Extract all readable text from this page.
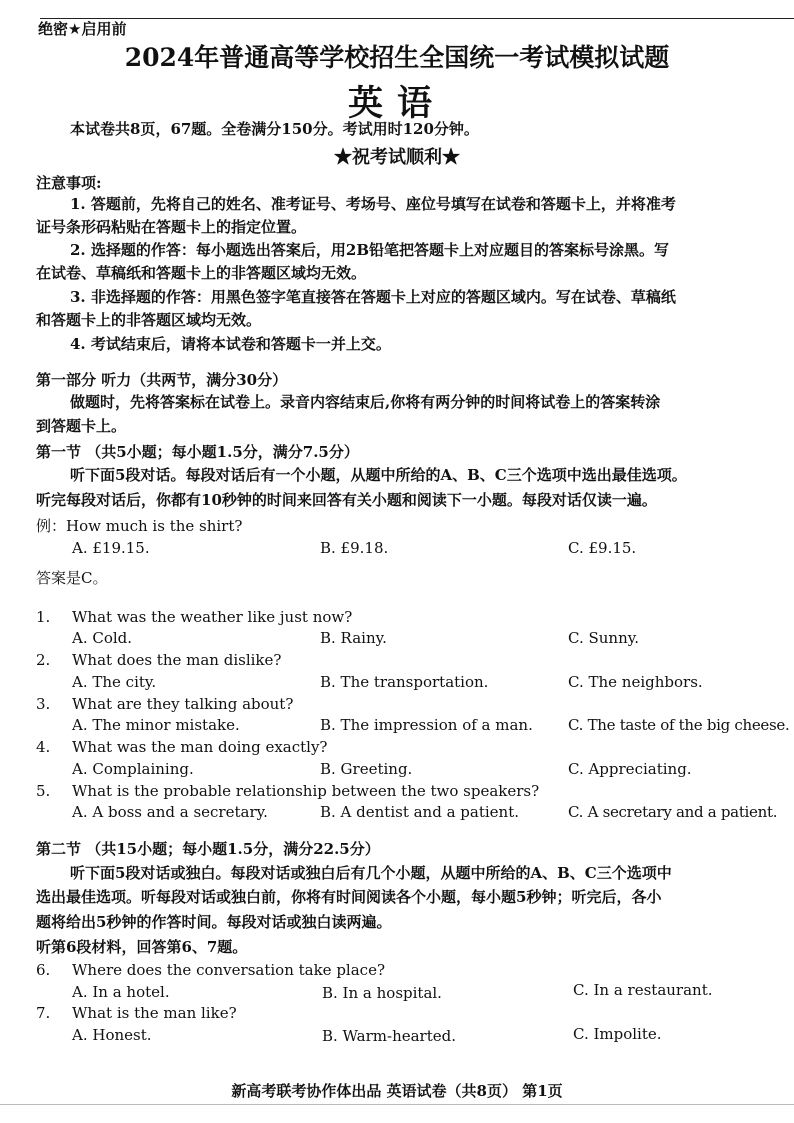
绝密★启用前
2024年普通高等学校招生全国统一考试模拟试题
英语
本试卷共8页，67题。全卷满分150分。考试用时120分钟。
★祝考试顺利★
注意事项:
1. 答题前，先将自己的姓名、准考证号、考场号、座位号填写在试卷和答题卡上，并将准考
证号条形码粘贴在答题卡上的指定位置。
2. 选择题的作答：每小题选出答案后，用2B铅笔把答题卡上对应题目的答案标号涂黑。写
在试卷、草稿纸和答题卡上的非答题区域均无效。
3. 非选择题的作答：用黑色签字笔直接答在答题卡上对应的答题区域内。写在试卷、草稿纸
和答题卡上的非答题区域均无效。
4. 考试结束后，请将本试卷和答题卡一并上交。
第一部分 听力（共两节，满分30分）
做题时，先将答案标在试卷上。录音内容结束后,你将有两分钟的时间将试卷上的答案转涂
到答题卡上。
第一节 （共5小题；每小题1.5分，满分7.5分）
听下面5段对话。每段对话后有一个小题，从题中所给的A、B、C三个选项中选出最佳选项。
听完每段对话后，你都有10秒钟的时间来回答有关小题和阅读下一小题。每段对话仅读一遍。
例：How much is the shirt?
A. £19.15.	B. £9.18.	C. £9.15.
答案是C。
1. What was the weather like just now?
A. Cold.	B. Rainy.	C. Sunny.
2. What does the man dislike?
A. The city.	B. The transportation.	C. The neighbors.
3. What are they talking about?
A. The minor mistake.	B. The impression of a man. C. The taste of the big cheese.
4. What was the man doing exactly?
A. Complaining.	B. Greeting.	C. Appreciating.
5. What is the probable relationship between the two speakers?
A. A boss and a secretary.	B. A dentist and a patient.	C. A secretary and a patient.
第二节 （共15小题；每小题1.5分，满分22.5分）
听下面5段对话或独白。每段对话或独白后有几个小题，从题中所给的A、B、C三个选项中
选出最佳选项。听每段对话或独白前，你将有时间阅读各个小题，每小题5秒钟；听完后，各小
题将给出5秒钟的作答时间。每段对话或独白读两遍。
听第6段材料，回答第6、7题。
6. Where does the conversation take place?
A. In a hotel.	B. In a hospital.	C. In a restaurant.
7. What is the man like?
A. Honest.	B. Warm-hearted.	C. Impolite.
新高考联考协作体出品 英语试卷（共8页） 第1页
